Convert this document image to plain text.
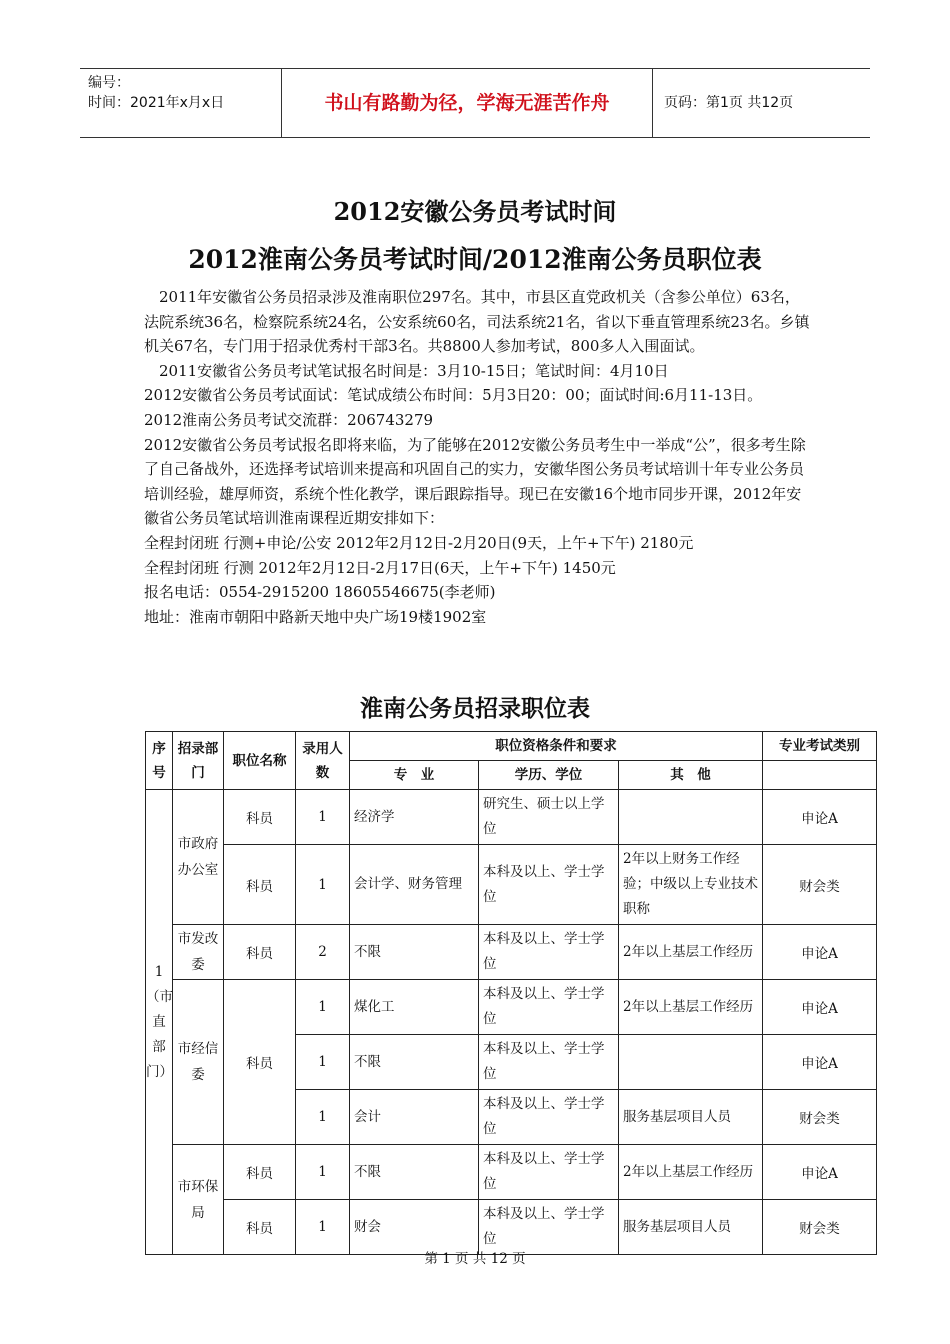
编号：
时间：2021年x月x日	书山有路勤为径，学海无涯苦作舟	页码：第1页 共12页
2012安徽公务员考试时间
2012淮南公务员考试时间/2012淮南公务员职位表

　2011年安徽省公务员招录涉及淮南职位297名。其中，市县区直党政机关（含参公单位）63名，法院系统36名，检察院系统24名，公安系统60名，司法系统21名，省以下垂直管理系统23名。乡镇机关67名，专门用于招录优秀村干部3名。共8800人参加考试，800多人入围面试。

　2011安徽省公务员考试笔试报名时间是：3月10-15日；笔试时间：4月10日

2012安徽省公务员考试面试：笔试成绩公布时间：5月3日20：00；面试时间:6月11-13日。

2012淮南公务员考试交流群：206743279

2012安徽省公务员考试报名即将来临，为了能够在2012安徽公务员考生中一举成“公”，很多考生除了自己备战外，还选择考试培训来提高和巩固自己的实力，安徽华图公务员考试培训十年专业公务员培训经验，雄厚师资，系统个性化教学，课后跟踪指导。现已在安徽16个地市同步开课，2012年安徽省公务员笔试培训淮南课程近期安排如下：

全程封闭班 行测+申论/公安 2012年2月12日-2月20日(9天，上午+下午) 2180元

全程封闭班 行测 2012年2月12日-2月17日(6天，上午+下午) 1450元

报名电话：0554-2915200 18605546675(李老师)

地址：淮南市朝阳中路新天地中央广场19楼1902室

淮南公务员招录职位表
序号	招录部门	职位名称	录用人数	职位资格条件和要求			专业考试类别
				专　业	学历、学位	其　他	
1（市直部门）	市政府办公室	科员	1	经济学	研究生、硕士以上学位		申论A
		科员	1	会计学、财务管理	本科及以上、学士学位	2年以上财务工作经验；中级以上专业技术职称	财会类
	市发改委	科员	2	不限	本科及以上、学士学位	2年以上基层工作经历	申论A
	市经信委	科员	1	煤化工	本科及以上、学士学位	2年以上基层工作经历	申论A
			1	不限	本科及以上、学士学位		申论A
			1	会计	本科及以上、学士学位	服务基层项目人员	财会类
	市环保局	科员	1	不限	本科及以上、学士学位	2年以上基层工作经历	申论A
		科员	1	财会	本科及以上、学士学位	服务基层项目人员	财会类
第 1 页 共 12 页
